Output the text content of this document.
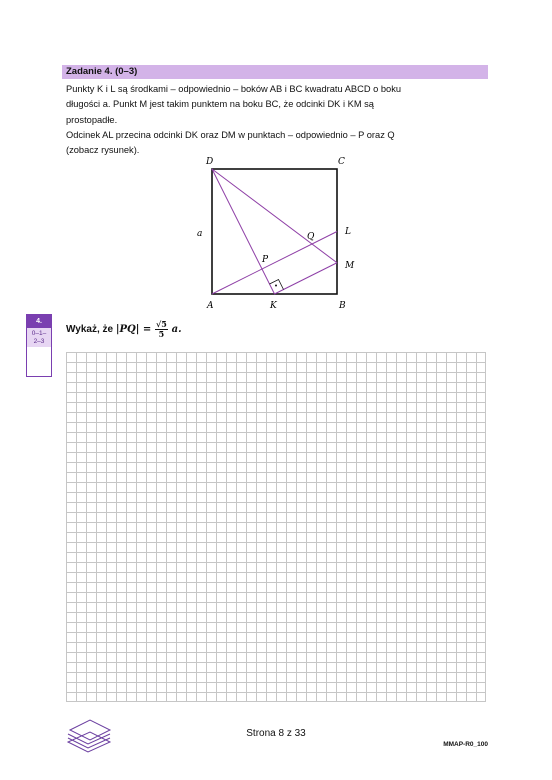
Zadanie 4. (0–3)
Punkty K i L są środkami – odpowiednio – boków AB i BC kwadratu ABCD o boku
długości a. Punkt M jest takim punktem na boku BC, że odcinki DK i KM są
prostopadłe.
Odcinek AL przecina odcinki DK oraz DM w punktach – odpowiednio – P oraz Q
(zobacz rysunek).
D	C
A	B
K
L
M
P
Q
a
4.
0–1–
2–3
Wykaż, że $|PQ| = \frac{√5}{5} a$.
Strona 8 z 33
MMAP-R0_100
